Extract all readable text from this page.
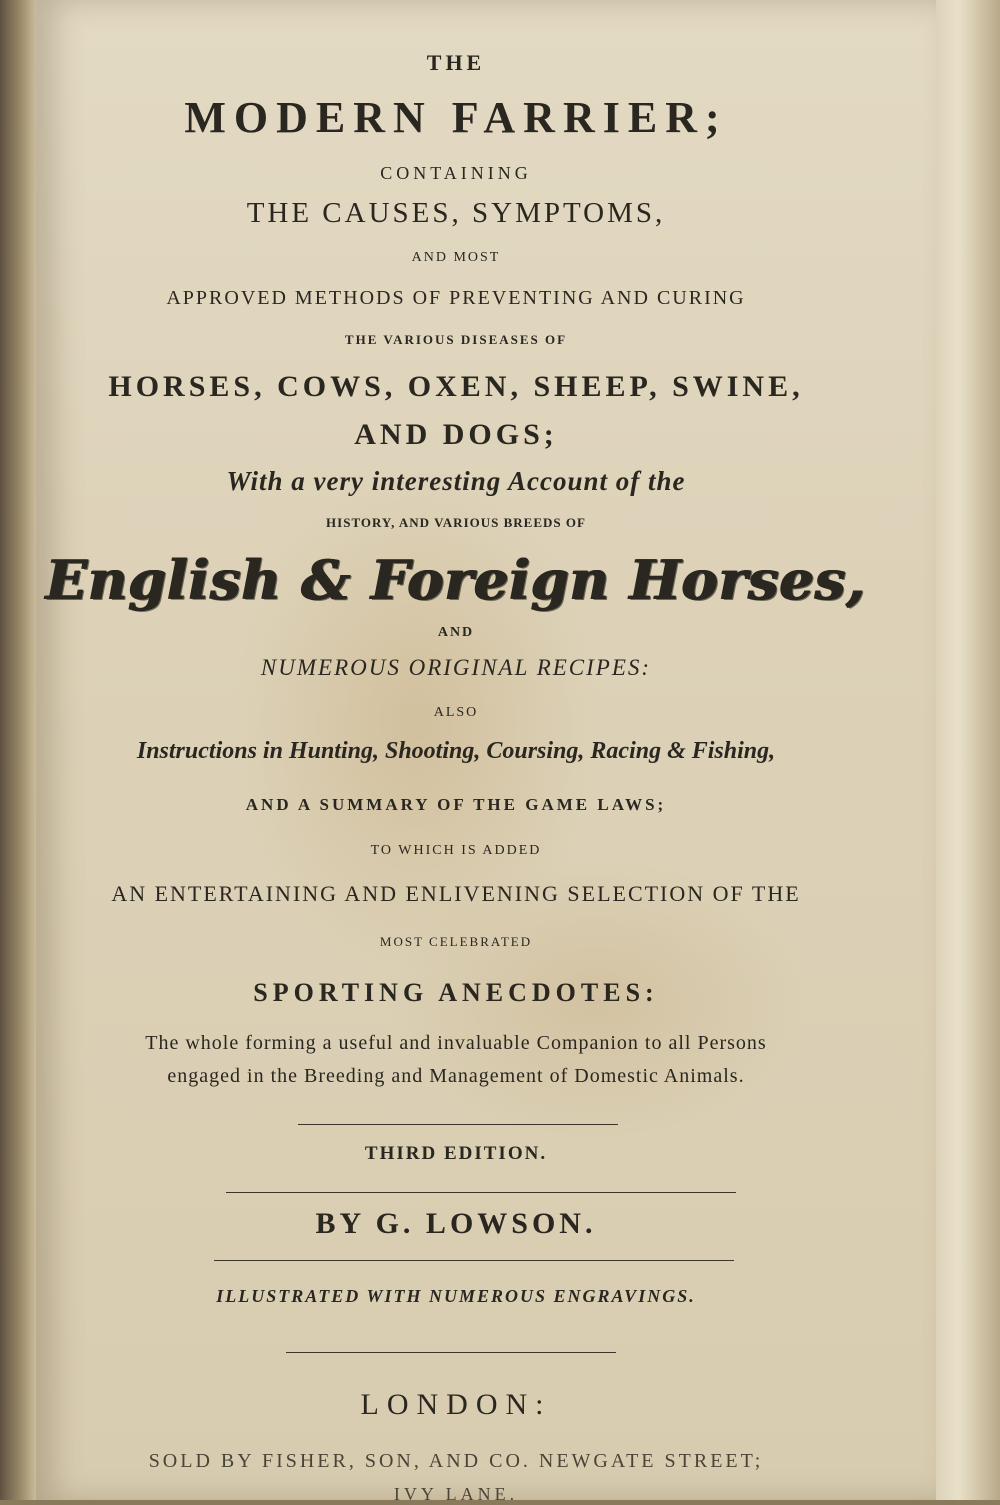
THE
MODERN FARRIER;
CONTAINING
THE CAUSES, SYMPTOMS,
AND MOST
APPROVED METHODS OF PREVENTING AND CURING
THE VARIOUS DISEASES OF
HORSES, COWS, OXEN, SHEEP, SWINE,
AND DOGS;
With a very interesting Account of the
HISTORY, AND VARIOUS BREEDS OF
English & Foreign Horses,
AND
NUMEROUS ORIGINAL RECIPES:
ALSO
Instructions in Hunting, Shooting, Coursing, Racing & Fishing,
AND A SUMMARY OF THE GAME LAWS;
TO WHICH IS ADDED
AN ENTERTAINING AND ENLIVENING SELECTION OF THE
MOST CELEBRATED
SPORTING ANECDOTES:
The whole forming a useful and invaluable Companion to all Persons
engaged in the Breeding and Management of Domestic Animals.
THIRD EDITION.
BY G. LOWSON.
ILLUSTRATED WITH NUMEROUS ENGRAVINGS.
LONDON:
SOLD BY FISHER, SON, AND CO. NEWGATE STREET;
IVY LANE.
